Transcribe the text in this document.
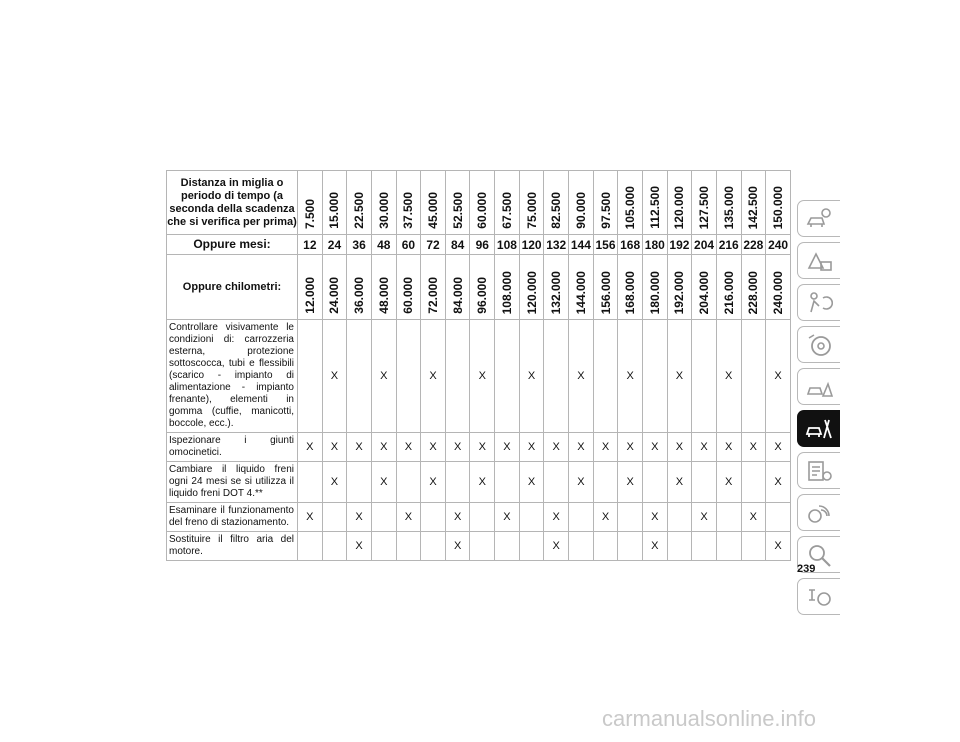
Distanza in miglia o periodo di tempo (a seconda della scadenza che si verifica per prima)	7.500	15.000	22.500	30.000	37.500	45.000	52.500	60.000	67.500	75.000	82.500	90.000	97.500	105.000	112.500	120.000	127.500	135.000	142.500	150.000
Oppure mesi:	12	24	36	48	60	72	84	96	108	120	132	144	156	168	180	192	204	216	228	240
Oppure chilometri:	12.000	24.000	36.000	48.000	60.000	72.000	84.000	96.000	108.000	120.000	132.000	144.000	156.000	168.000	180.000	192.000	204.000	216.000	228.000	240.000
Controllare visivamente le condizioni di: carrozzeria esterna, protezione sottoscocca, tubi e flessibili (scarico - impianto di alimentazione - impianto frenante), elementi in gomma (cuffie, manicotti, boccole, ecc.).		X		X		X		X		X		X		X		X		X		X
Ispezionare i giunti omocinetici.	X	X	X	X	X	X	X	X	X	X	X	X	X	X	X	X	X	X	X	X
Cambiare il liquido freni ogni 24 mesi se si utilizza il liquido freni DOT 4.**		X		X		X		X		X		X		X		X		X		X
Esaminare il funzionamento del freno di stazionamento.	X		X		X		X		X		X		X		X		X		X	
Sostituire il filtro aria del motore.			X				X				X				X					X
239
carmanualsonline.info
